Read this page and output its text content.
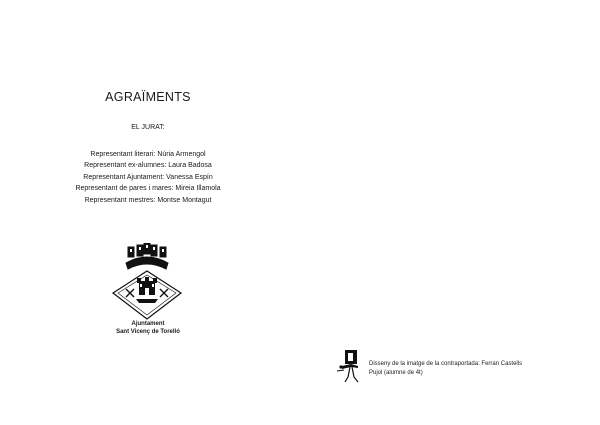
AGRAÏMENTS
EL JURAT:
Representant literari: Núria Armengol
Representant ex-alumnes: Laura Badosa
Representant Ajuntament: Vanessa Espín
Representant de pares i mares: Mireia Illamola
Representant mestres: Montse Montagut
Ajuntament
Sant Vicenç de Torelló
Disseny de la imatge de la contraportada: Ferran Castells
Pujol (alumne de 4t)
